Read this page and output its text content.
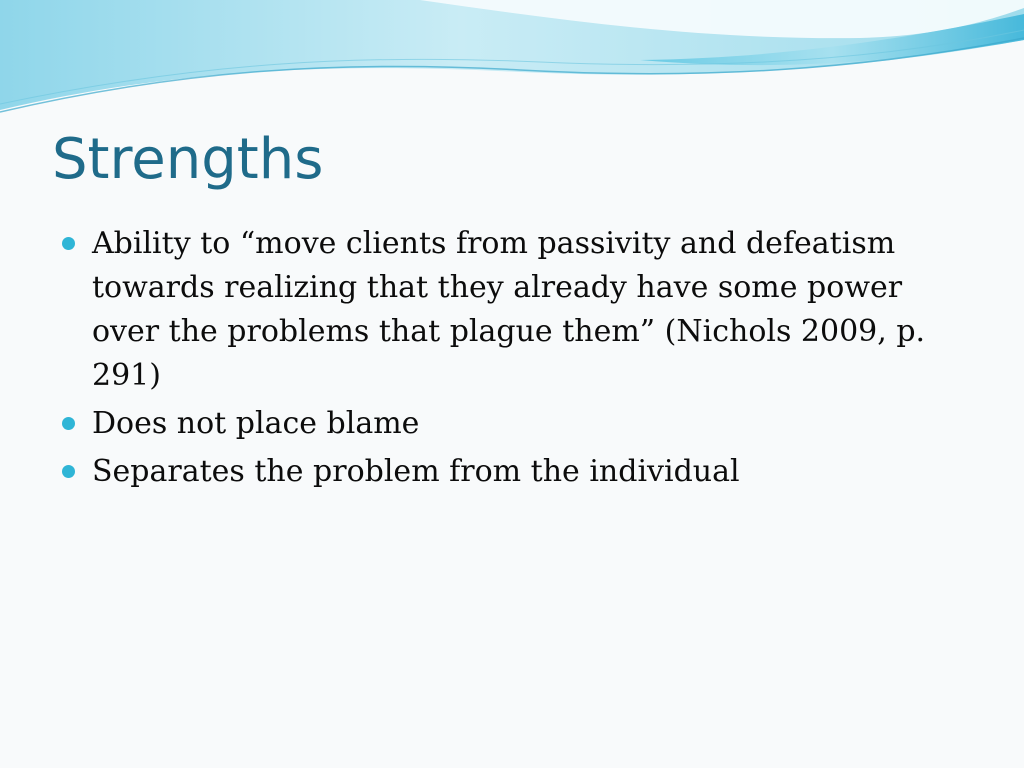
Strengths
Ability to “move clients from passivity and defeatism towards realizing that they already have some power over the problems that plague them” (Nichols 2009, p. 291)
Does not place blame
Separates the problem from the individual
